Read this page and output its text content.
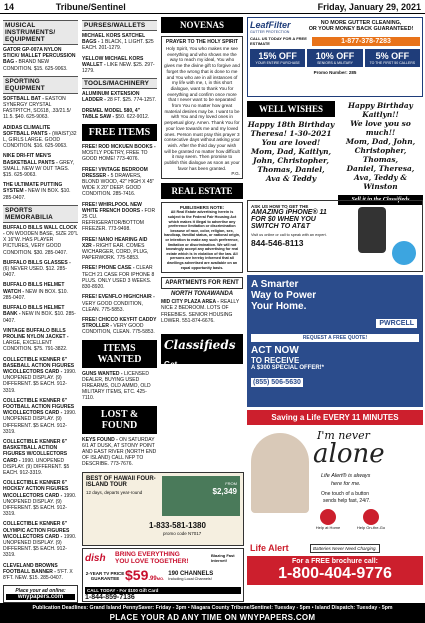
14	Tribune/Sentinel	Friday, January 29, 2021
MUSICAL INSTRUMENTS/ EQUIPMENT
GATOR GP-007A NYLON STICK/ MALLET PERCUSSION BAG - BRAND NEW CONDITION. $15. 625-9063.
SPORTING EQUIPMENT
SOFTBALL BAT - EASTON SYNERGY CRYSTAL FASTPITCH, SC618, .33/21.5/ 11.5. $40. 625-9063.
ADIDAS CLIMALITE SOFTBALL PANTS - (WAIST)32 L, GIRLS LARGE. GOOD CONDITION. $16. 625-9063.
NIKE DRI-FIT MEN'S BASKETBALL PANTS - GREY, SMALL. NEW W/ OUT TAGS. $15. 625-9063.
THE ULTIMATE PUTTING SYSTEM - NEW IN BOX. $10. 285-0407.
SPORTS MEMORABILIA
BUFFALO BILLS WALL CLOCK - ON WOODEN BASE, SIZE 20"L X 16"W. HAS PLAYER PICTURES, VERY GOOD CONDITION. $30. 285-0407.
BUFFALO BILLS GLASSES - (6) NEVER USED. $12. 285-0407.
BUFFALO BILLS HELMET WATCH - NEW IN BOX. $10. 285-0407.
BUFFALO BILLS HELMET BANK - NEW IN BOX. $10. 285-0407.
VINTAGE BUFFALO BILLS PROLINE NYLON JACKET - LARGE, EXCELLENT CONDITION. $75. 791-3822.
COLLECTIBLE KENNER 6" BASEBALL ACTION FIGURES W/COLLECTORS CARD - 1990. UNOPENED DISPLAY. (9) DIFFERENT. $5 EACH. 912-3319.
COLLECTIBLE KENNER 6" FOOTBALL ACTION FIGURES W/COLLECTORS CARD - 1990. UNOPENED DISPLAY. (9) DIFFERENT. $5 EACH. 912-3319.
COLLECTIBLE KENNER 6" BASKETBALL ACTION FIGURES W/COLLECTORS CARD - 1990. UNOPENED DISPLAY. (9) DIFFERENT. $5 EACH. 912-3319.
COLLECTIBLE KENNER 6" HOCKEY ACTION FIGURES W/COLLECTORS CARD - 1990. UNOPENED DISPLAY. (9) DIFFERENT. $5 EACH. 912-3319.
COLLECTIBLE KENNER 6" OLYMPIC ACTION FIGURES W/COLLECTORS CARD - 1990. UNOPENED DISPLAY. (9) DIFFERENT. $5 EACH. 912-3319.
CLEVELAND BROWNS FOOTBALL BANNER - 5'FT. X 8'FT. NEW. $15. 285-0407.
Place your ad online:
wnypapers.com
PURSES/WALLETS
MICHAEL KORS SATCHEL BAGS - 1 BLACK, 1 LIGHT. $25 EACH. 201-1279.
YELLOW MICHAEL KORS WALLET - LIKE NEW. $25. 297-1279.
TOOLS/MACHINERY
ALUMINUM EXTENSION LADDER - 28 FT. $25. 774-1257.
DREMEL MODEL 580, 4" TABLE SAW - $50. 622-9012.
FREE ITEMS
FREE! ROD MCKUEN BOOKS - MOSTLY POETRY, FREE TO GOOD HOME! 773-4076.
FREE! VINTAGE BEDROOM DRESSER - 5 DRAWERS, BLOND WOOD, 42" HIGH X 45" WIDE X 20" DEEP. GOOD CONDITION. 285-7416.
FREE! WHIRLPOOL NEW WHITE FRENCH DOORS - FOR 25 CU. REFRIGERATOR/BOTTOM FREEZER. 773-9498.
FREE! NANO HEARING AID X2R - RIGHT EAR. COMES W/CHARGER, CORD, PLUG, PAPERWORK. 775-5853.
FREE! PHONE CASE - CLEAR TECH 21 CASE FOR IPHONE 8 PLUS. ONLY USED 3 WEEKS. 830-8920.
FREE! EVENFLO HIGHCHAIR - VERY GOOD CONDITION, CLEAN. 775-5853.
FREE! CHICCO KEYFIT CADDY STROLLER - VERY GOOD CONDITION, CLEAN. 775-5853.
ITEMS WANTED
GUNS WANTED - LICENSED DEALER, BUYING USED FIREARMS, OLD AMMO, OLD MILITARY ITEMS, ETC. 425-7110.
LOST & FOUND
KEYS FOUND - ON SATURDAY 6/1 AT DUSK, AT STONY POINT AND EAST RIVER (NORTH END OF ISLAND) CALL NFP TO DESCRIBE. 773-7676.
NOVENAS
PRAYER TO THE HOLY SPIRIT
Holy Spirit, You who makes me see everything and who shows me the way to reach my ideal, You who gives me the divine gift to forgive and forget the wrong that is done to me and You who are in all instances of my life with me, I, in this short dialogue, want to thank You for everything and confirm once more that I never want to be separated from You no matter how great material desires may be. I want to be with You and my loved ones in perpetual glory. Amen. Thank You for your love towards me and my loved ones. Person must pray this prayer 3 consecutive days without asking your wish. After the third day your wish will be granted no matter how difficult it may seem. Then promise to publish this dialogue as soon as your favor has been granted.
P.G.
REAL ESTATE
PUBLISHERS NOTE:
All Real Estate advertising herein is subject to the Federal Fair Housing Act which makes it illegal to advertise any preference limitation or discrimination because of race, color, religion, sex, handicap, familial status, or national origin, or intention to make any such preference, limitation or discrimination. We will not knowingly accept any advertising for real estate which is in violation of the law. All persons are hereby informed that all dwellings advertised are available on an equal opportunity basis.
APARTMENTS FOR RENT
NORTH TONAWANDA
MID CITY PLAZA AREA - REALLY NICE 2 BEDROOM. LOTS OF FREEBIES. SENIOR HOUSING LOWER. 551-874-6676.
Classifieds Get
the job done!
LeafFilter
GUTTER PROTECTION
NO MORE GUTTER CLEANING,
OR YOUR MONEY BACK GUARANTEED!
CALL US TODAY FOR A FREE ESTIMATE	1-877-378-7283
15% OFF
YOUR ENTIRE PURCHASE
10% OFF
SENIORS & MILITARY
5% OFF
TO THE FIRST 50 CALLERS
Promo Number: 285
WELL WISHES
Happy 18th Birthday
Theresa! 1-30-2021
You are loved!
Mom, Dad, Kaitlyn,
John, Christopher,
Thomas, Daniel,
Ava & Teddy
Happy Birthday
Kaitlyn!!
We love you so much!!
Mom, Dad, John,
Christopher, Thomas,
Daniel, Theresa,
Ava, Teddy & Winston
Sell it in the Classifieds
ASK US HOW TO GET THE
AMAZING iPHONE® 11
FOR $0 WHEN YOU
SWITCH TO AT&T
Visit us online or call to speak with an expert.
844-546-8113
A Smarter
Way to Power
Your Home.
PWRCELL
REQUEST A FREE QUOTE!
ACT NOW
TO RECEIVE
A $300 SPECIAL OFFER!*
(855) 506-5630
BEST OF HAWAII FOUR-ISLAND TOUR
12 days, departs year-round
FROM
$2,349
1-833-581-1380
promo code N7017
dish	BRING EVERYTHING
YOU LOVE TOGETHER!
Blazing Fast Internet!
2-YEAR TV PRICE GUARANTEE $59.99MO.
190 CHANNELS
Including Local Channels!
CALL TODAY - For $100 Gift Card
1-844-859-7136
Saving a Life EVERY 11 MINUTES
I'm never
alone
Life Alert® is always
here for me.
One touch of a button
sends help fast, 24/7.
Help at Home	Help On-the-Go
Life Alert	Batteries Never Need Charging.
For a FREE brochure call:
1-800-404-9776
Publication Deadlines: Grand Island PennySaver: Friday - 3pm • Niagara County Tribune/Sentinel: Tuesday - 5pm • Island Dispatch: Tuesday - 5pm
PLACE YOUR AD ANY TIME ON WNYPAPERS.COM
